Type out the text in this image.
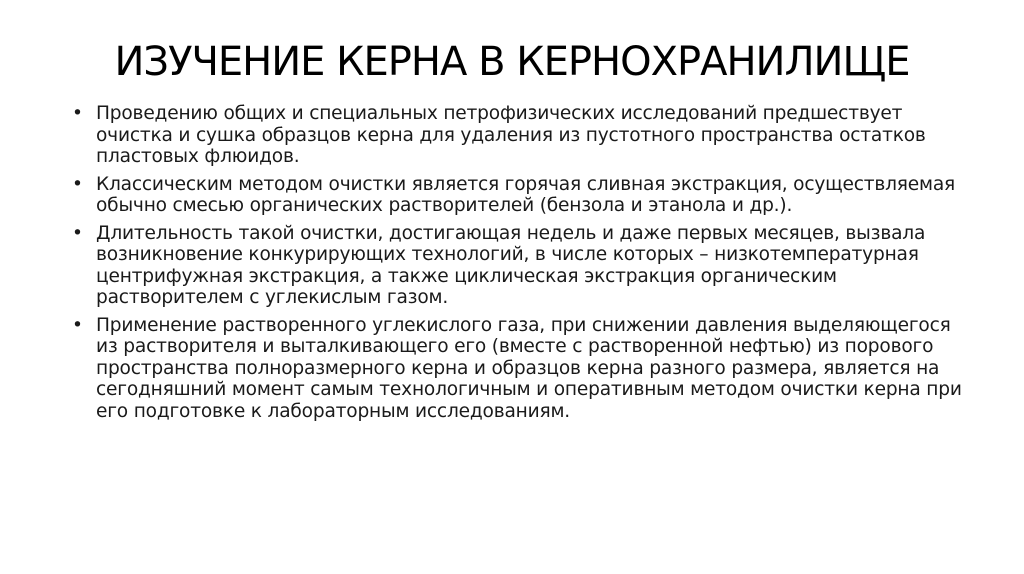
ИЗУЧЕНИЕ КЕРНА В КЕРНОХРАНИЛИЩЕ
• Проведению общих и специальных петрофизических исследований предшествует очистка и сушка образцов керна для удаления из пустотного пространства остатков пластовых флюидов.
• Классическим методом очистки является горячая сливная экстракция, осуществляемая обычно смесью органических растворителей (бензола и этанола и др.).
• Длительность такой очистки, достигающая недель и даже первых месяцев, вызвала возникновение конкурирующих технологий, в числе которых – низкотемпературная центрифужная экстракция, а также циклическая экстракция органическим растворителем с углекислым газом.
• Применение растворенного углекислого газа, при снижении давления выделяющегося из растворителя и выталкивающего его (вместе с растворенной нефтью) из порового пространства полноразмерного керна и образцов керна разного размера, является на сегодняшний момент самым технологичным и оперативным методом очистки керна при его подготовке к лабораторным исследованиям.
